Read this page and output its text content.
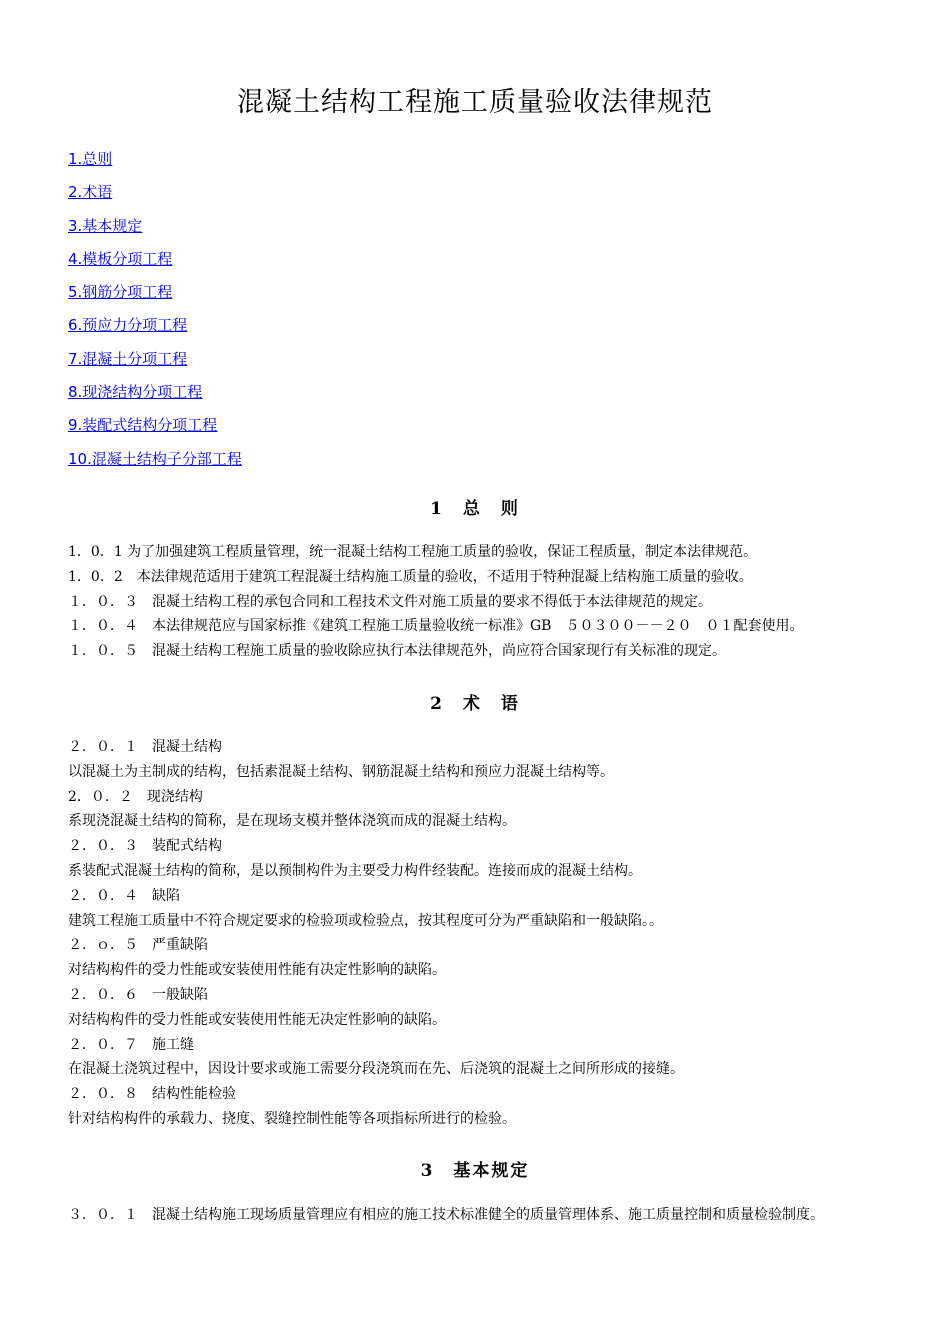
混凝土结构工程施工质量验收法律规范
1.总则
2.术语
3.基本规定
4.模板分项工程
5.钢筋分项工程
6.预应力分项工程
7.混凝土分项工程
8.现浇结构分项工程
9.装配式结构分项工程
10.混凝土结构子分部工程
1　总　则

1．0．1 为了加强建筑工程质量管理，统一混凝土结构工程施工质量的验收，保证工程质量，制定本法律规范。

1．0．2　本法律规范适用于建筑工程混凝土结构施工质量的验收，不适用于特种混凝上结构施工质量的验收。

１．０．３　混凝土结构工程的承包合同和工程技术文件对施工质量的要求不得低于本法律规范的规定。

１．０．４　本法律规范应与国家标推《建筑工程施工质量验收统一标准》GB　５０３００－－２０　０１配套使用。

１．０．５　混凝土结构工程施工质量的验收除应执行本法律规范外，尚应符合国家现行有关标准的现定。

2　术　语

２．０．１　混凝土结构

以混凝土为主制成的结构，包括素混凝土结构、钢筋混凝土结构和预应力混凝土结构等。

2．０．２　现浇结构

系现浇混凝土结构的简称，是在现场支模并整体浇筑而成的混凝土结构。

２．０．３　装配式结构

系装配式混凝土结构的简称，是以预制构件为主要受力构件经装配。连接而成的混凝土结构。

２．０．４　缺陷

建筑工程施工质量中不符合规定要求的检验项或检验点，按其程度可分为严重缺陷和一般缺陷。。

２．ｏ．５　严重缺陷

对结构构件的受力性能或安装使用性能有决定性影响的缺陷。

２．０．６　一般缺陷

对结构构件的受力性能或安装使用性能无决定性影响的缺陷。

２．０．７　施工缝

在混凝土浇筑过程中，因设计要求或施工需要分段浇筑而在先、后浇筑的混凝土之间所形成的接缝。

２．０．８　结构性能检验

针对结构构件的承载力、挠度、裂缝控制性能等各项指标所进行的检验。

3　基本规定

３．０．１　混凝土结构施工现场质量管理应有相应的施工技术标准健全的质量管理体系、施工质量控制和质量检验制度。
